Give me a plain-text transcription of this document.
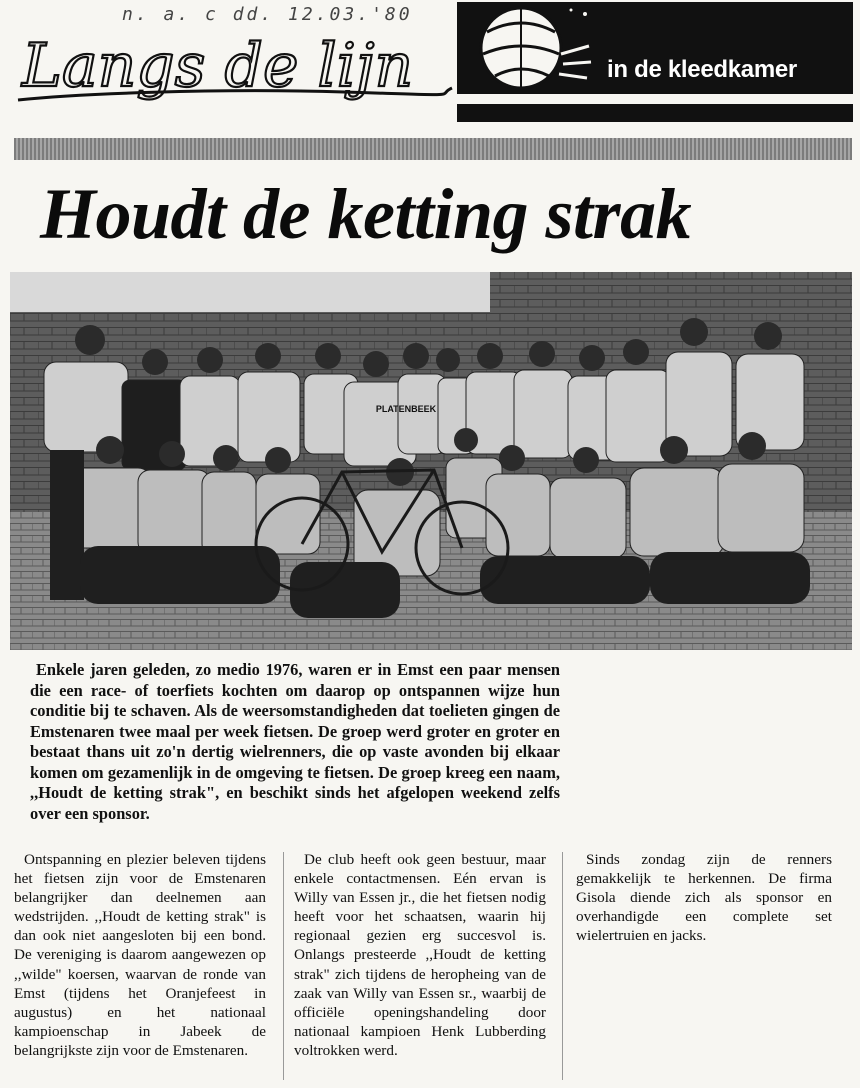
n. a. c dd. 12.03.'80
Langs de lijn	in de kleedkamer
Houdt de ketting strak
PLATENBEEK

Enkele jaren geleden, zo medio 1976, waren er in Emst een paar mensen die een race- of toerfiets kochten om daarop op ontspannen wijze hun conditie bij te schaven. Als de weersomstandigheden dat toelieten gingen de Emstenaren twee maal per week fietsen. De groep werd groter en groter en bestaat thans uit zo'n dertig wielrenners, die op vaste avonden bij elkaar komen om gezamenlijk in de omgeving te fietsen. De groep kreeg een naam, ,,Houdt de ketting strak", en beschikt sinds het afgelopen weekend zelfs over een sponsor.

Ontspanning en plezier beleven tijdens het fietsen zijn voor de Emstenaren belangrijker dan deelnemen aan wedstrijden. ,,Houdt de ketting strak" is dan ook niet aangesloten bij een bond. De vereniging is daarom aangewezen op ,,wilde" koersen, waarvan de ronde van Emst (tijdens het Oranjefeest in augustus) en het nationaal kampioenschap in Jabeek de belangrijkste zijn voor de Emstenaren.

De club heeft ook geen bestuur, maar enkele contactmensen. Eén ervan is Willy van Essen jr., die het fietsen nodig heeft voor het schaatsen, waarin hij regionaal gezien erg succesvol is. Onlangs presteerde ,,Houdt de ketting strak" zich tijdens de heropheing van de zaak van Willy van Essen sr., waarbij de officiële openingshandeling door nationaal kampioen Henk Lubberding voltrokken werd.

Sinds zondag zijn de renners gemakkelijk te herkennen. De firma Gisola diende zich als sponsor en overhandigde een complete set wielertruien en jacks.
